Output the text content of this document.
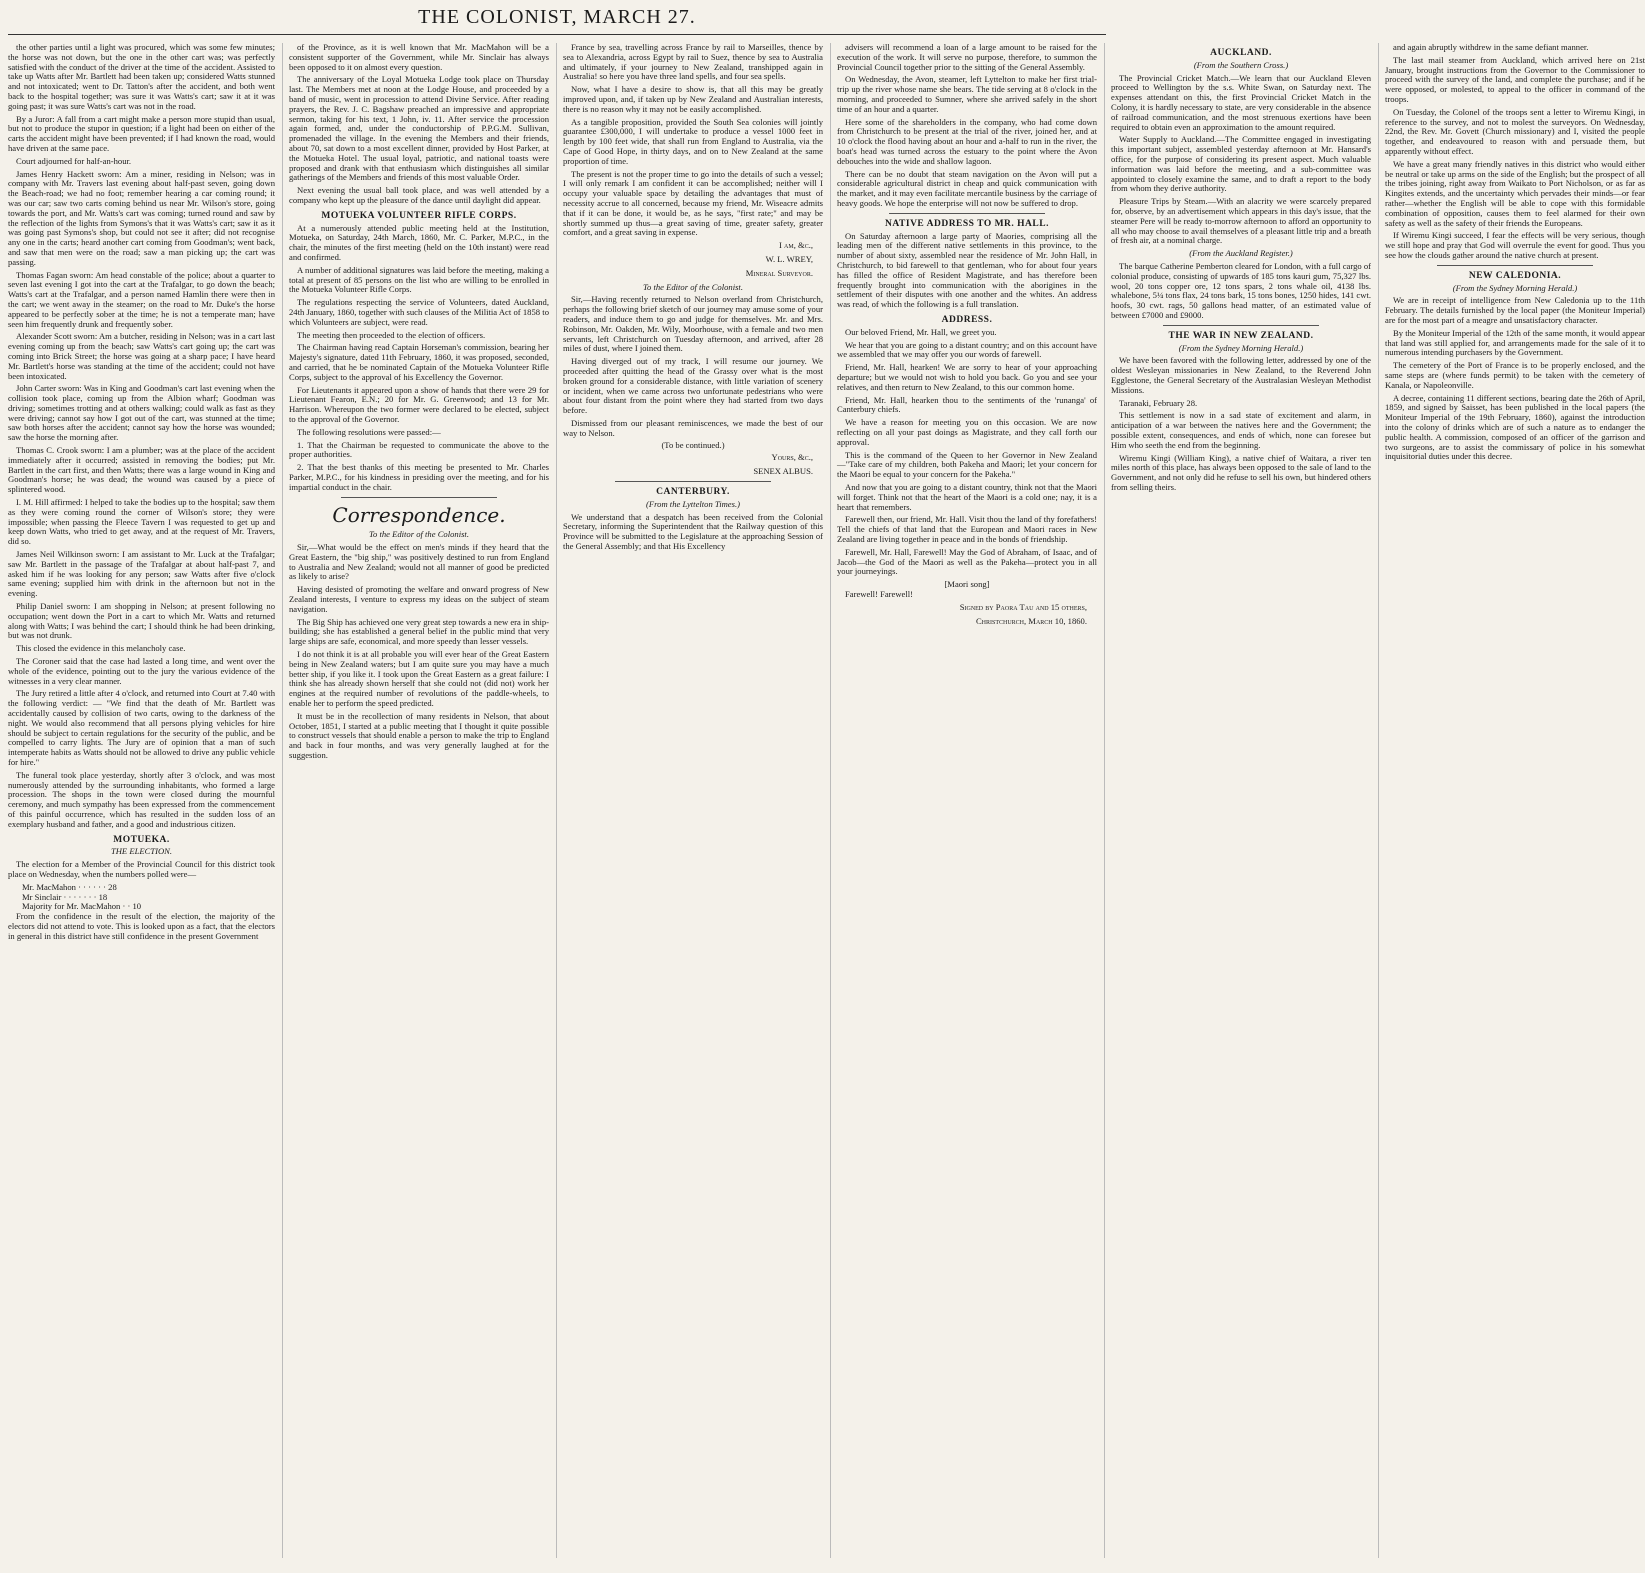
THE COLONIST, MARCH 27.

the other parties until a light was procured, which was some few minutes; the horse was not down, but the one in the other cart was; was perfectly satisfied with the conduct of the driver at the time of the accident. Assisted to take up Watts after Mr. Bartlett had been taken up; considered Watts stunned and not intoxicated; went to Dr. Tatton's after the accident, and both went back to the hospital together; was sure it was Watts's cart; saw it at it was going past; it was sure Watts's cart was not in the road.

By a Juror: A fall from a cart might make a person more stupid than usual, but not to produce the stupor in question; if a light had been on either of the carts the accident might have been prevented; if I had known the road, would have driven at the same pace.

Court adjourned for half-an-hour.

James Henry Hackett sworn: Am a miner, residing in Nelson; was in company with Mr. Travers last evening about half-past seven, going down the Beach-road; we had no foot; remember hearing a car coming round; it was our car; saw two carts coming behind us near Mr. Wilson's store, going towards the port, and Mr. Watts's cart was coming; turned round and saw by the reflection of the lights from Symons's that it was Watts's cart; saw it as it was going past Symons's shop, but could not see it after; did not recognise any one in the carts; heard another cart coming from Goodman's; went back, and saw that men were on the road; saw a man picking up; the cart was passing.

Thomas Fagan sworn: Am head constable of the police; about a quarter to seven last evening I got into the cart at the Trafalgar, to go down the beach; Watts's cart at the Trafalgar, and a person named Hamlin there were then in the cart; we went away in the steamer; on the road to Mr. Duke's the horse appeared to be perfectly sober at the time; he is not a temperate man; have seen him frequently drunk and frequently sober.

Alexander Scott sworn: Am a butcher, residing in Nelson; was in a cart last evening coming up from the beach; saw Watts's cart going up; the cart was coming into Brick Street; the horse was going at a sharp pace; I have heard Mr. Bartlett's horse was standing at the time of the accident; could not have been intoxicated.

John Carter sworn: Was in King and Goodman's cart last evening when the collision took place, coming up from the Albion wharf; Goodman was driving; sometimes trotting and at others walking; could walk as fast as they were driving; cannot say how I got out of the cart, was stunned at the time; saw both horses after the accident; cannot say how the horse was wounded; saw the horse the morning after.

Thomas C. Crook sworn: I am a plumber; was at the place of the accident immediately after it occurred; assisted in removing the bodies; put Mr. Bartlett in the cart first, and then Watts; there was a large wound in King and Goodman's horse; he was dead; the wound was caused by a piece of splintered wood.

I. M. Hill affirmed: I helped to take the bodies up to the hospital; saw them as they were coming round the corner of Wilson's store; they were impossible; when passing the Fleece Tavern I was requested to get up and keep down Watts, who tried to get away, and at the request of Mr. Travers, did so.

James Neil Wilkinson sworn: I am assistant to Mr. Luck at the Trafalgar; saw Mr. Bartlett in the passage of the Trafalgar at about half-past 7, and asked him if he was looking for any person; saw Watts after five o'clock same evening; supplied him with drink in the afternoon but not in the evening.

Philip Daniel sworn: I am shopping in Nelson; at present following no occupation; went down the Port in a cart to which Mr. Watts and returned along with Watts; I was behind the cart; I should think he had been drinking, but was not drunk.

This closed the evidence in this melancholy case.

The Coroner said that the case had lasted a long time, and went over the whole of the evidence, pointing out to the jury the various evidence of the witnesses in a very clear manner.

The Jury retired a little after 4 o'clock, and returned into Court at 7.40 with the following verdict: — "We find that the death of Mr. Bartlett was accidentally caused by collision of two carts, owing to the darkness of the night. We would also recommend that all persons plying vehicles for hire should be subject to certain regulations for the security of the public, and be compelled to carry lights. The Jury are of opinion that a man of such intemperate habits as Watts should not be allowed to drive any public vehicle for hire."

The funeral took place yesterday, shortly after 3 o'clock, and was most numerously attended by the surrounding inhabitants, who formed a large procession. The shops in the town were closed during the mournful ceremony, and much sympathy has been expressed from the commencement of this painful occurrence, which has resulted in the sudden loss of an exemplary husband and father, and a good and industrious citizen.

MOTUEKA.
THE ELECTION.

The election for a Member of the Provincial Council for this district took place on Wednesday, when the numbers polled were—

Mr. MacMahon · · · · · · 28
Mr Sinclair · · · · · · · 18
Majority for Mr. MacMahon · · 10

From the confidence in the result of the election, the majority of the electors did not attend to vote. This is looked upon as a fact, that the electors in general in this district have still confidence in the present Government

of the Province, as it is well known that Mr. MacMahon will be a consistent supporter of the Government, while Mr. Sinclair has always been opposed to it on almost every question.

The anniversary of the Loyal Motueka Lodge took place on Thursday last. The Members met at noon at the Lodge House, and proceeded by a band of music, went in procession to attend Divine Service. After reading prayers, the Rev. J. C. Bagshaw preached an impressive and appropriate sermon, taking for his text, 1 John, iv. 11. After service the procession again formed, and, under the conductorship of P.P.G.M. Sullivan, promenaded the village. In the evening the Members and their friends, about 70, sat down to a most excellent dinner, provided by Host Parker, at the Motueka Hotel. The usual loyal, patriotic, and national toasts were proposed and drank with that enthusiasm which distinguishes all similar gatherings of the Members and friends of this most valuable Order.

Next evening the usual ball took place, and was well attended by a company who kept up the pleasure of the dance until daylight did appear.

MOTUEKA VOLUNTEER RIFLE CORPS.

At a numerously attended public meeting held at the Institution, Motueka, on Saturday, 24th March, 1860, Mr. C. Parker, M.P.C., in the chair, the minutes of the first meeting (held on the 10th instant) were read and confirmed.

A number of additional signatures was laid before the meeting, making a total at present of 85 persons on the list who are willing to be enrolled in the Motueka Volunteer Rifle Corps.

The regulations respecting the service of Volunteers, dated Auckland, 24th January, 1860, together with such clauses of the Militia Act of 1858 to which Volunteers are subject, were read.

The meeting then proceeded to the election of officers.

The Chairman having read Captain Horseman's commission, bearing her Majesty's signature, dated 11th February, 1860, it was proposed, seconded, and carried, that he be nominated Captain of the Motueka Volunteer Rifle Corps, subject to the approval of his Excellency the Governor.

For Lieutenants it appeared upon a show of hands that there were 29 for Lieutenant Fearon, E.N.; 20 for Mr. G. Greenwood; and 13 for Mr. Harrison. Whereupon the two former were declared to be elected, subject to the approval of the Governor.

The following resolutions were passed:—

1. That the Chairman be requested to communicate the above to the proper authorities.

2. That the best thanks of this meeting be presented to Mr. Charles Parker, M.P.C., for his kindness in presiding over the meeting, and for his impartial conduct in the chair.

Correspondence.
To the Editor of the Colonist.

Sir,—What would be the effect on men's minds if they heard that the Great Eastern, the "big ship," was positively destined to run from England to Australia and New Zealand; would not all manner of good be predicted as likely to arise?

Having desisted of promoting the welfare and onward progress of New Zealand interests, I venture to express my ideas on the subject of steam navigation.

The Big Ship has achieved one very great step towards a new era in ship-building; she has established a general belief in the public mind that very large ships are safe, economical, and more speedy than lesser vessels.

I do not think it is at all probable you will ever hear of the Great Eastern being in New Zealand waters; but I am quite sure you may have a much better ship, if you like it. I took upon the Great Eastern as a great failure: I think she has already shown herself that she could not (did not) work her engines at the required number of revolutions of the paddle-wheels, to enable her to perform the speed predicted.

It must be in the recollection of many residents in Nelson, that about October, 1851, I started at a public meeting that I thought it quite possible to construct vessels that should enable a person to make the trip to England and back in four months, and was very generally laughed at for the suggestion.

France by sea, travelling across France by rail to Marseilles, thence by sea to Alexandria, across Egypt by rail to Suez, thence by sea to Australia and ultimately, if your journey to New Zealand, transhipped again in Australia! so here you have three land spells, and four sea spells.

Now, what I have a desire to show is, that all this may be greatly improved upon, and, if taken up by New Zealand and Australian interests, there is no reason why it may not be easily accomplished.

As a tangible proposition, provided the South Sea colonies will jointly guarantee £300,000, I will undertake to produce a vessel 1000 feet in length by 100 feet wide, that shall run from England to Australia, via the Cape of Good Hope, in thirty days, and on to New Zealand at the same proportion of time.

The present is not the proper time to go into the details of such a vessel; I will only remark I am confident it can be accomplished; neither will I occupy your valuable space by detailing the advantages that must of necessity accrue to all concerned, because my friend, Mr. Wiseacre admits that if it can be done, it would be, as he says, "first rate;" and may be shortly summed up thus—a great saving of time, greater safety, greater comfort, and a great saving in expense.

I am, &c.,
W. L. WREY,
Mineral Surveyor.
To the Editor of the Colonist.

Sir,—Having recently returned to Nelson overland from Christchurch, perhaps the following brief sketch of our journey may amuse some of your readers, and induce them to go and judge for themselves. Mr. and Mrs. Robinson, Mr. Oakden, Mr. Wily, Moorhouse, with a female and two men servants, left Christchurch on Tuesday afternoon, and arrived, after 28 miles of dust, where I joined them.

Having diverged out of my track, I will resume our journey. We proceeded after quitting the head of the Grassy over what is the most broken ground for a considerable distance, with little variation of scenery or incident, when we came across two unfortunate pedestrians who were about four distant from the point where they had started from two days before.

Dismissed from our pleasant reminiscences, we made the best of our way to Nelson.

(To be continued.)
Yours, &c.,
SENEX ALBUS.
CANTERBURY.
(From the Lyttelton Times.)

We understand that a despatch has been received from the Colonial Secretary, informing the Superintendent that the Railway question of this Province will be submitted to the Legislature at the approaching Session of the General Assembly; and that His Excellency

advisers will recommend a loan of a large amount to be raised for the execution of the work. It will serve no purpose, therefore, to summon the Provincial Council together prior to the sitting of the General Assembly.

On Wednesday, the Avon, steamer, left Lyttelton to make her first trial-trip up the river whose name she bears. The tide serving at 8 o'clock in the morning, and proceeded to Sumner, where she arrived safely in the short time of an hour and a quarter.

Here some of the shareholders in the company, who had come down from Christchurch to be present at the trial of the river, joined her, and at 10 o'clock the flood having about an hour and a-half to run in the river, the boat's head was turned across the estuary to the point where the Avon debouches into the wide and shallow lagoon.

There can be no doubt that steam navigation on the Avon will put a considerable agricultural district in cheap and quick communication with the market, and it may even facilitate mercantile business by the carriage of heavy goods. We hope the enterprise will not now be suffered to drop.

NATIVE ADDRESS TO MR. HALL.

On Saturday afternoon a large party of Maories, comprising all the leading men of the different native settlements in this province, to the number of about sixty, assembled near the residence of Mr. John Hall, in Christchurch, to bid farewell to that gentleman, who for about four years has filled the office of Resident Magistrate, and has therefore been frequently brought into communication with the aborigines in the settlement of their disputes with one another and the whites. An address was read, of which the following is a full translation.

ADDRESS.

Our beloved Friend, Mr. Hall, we greet you.

We hear that you are going to a distant country; and on this account have we assembled that we may offer you our words of farewell.

Friend, Mr. Hall, hearken! We are sorry to hear of your approaching departure; but we would not wish to hold you back. Go you and see your relatives, and then return to New Zealand, to this our common home.

Friend, Mr. Hall, hearken thou to the sentiments of the 'runanga' of Canterbury chiefs.

We have a reason for meeting you on this occasion. We are now reflecting on all your past doings as Magistrate, and they call forth our approval.

This is the command of the Queen to her Governor in New Zealand—"Take care of my children, both Pakeha and Maori; let your concern for the Maori be equal to your concern for the Pakeha."

And now that you are going to a distant country, think not that the Maori will forget. Think not that the heart of the Maori is a cold one; nay, it is a heart that remembers.

Farewell then, our friend, Mr. Hall. Visit thou the land of thy forefathers! Tell the chiefs of that land that the European and Maori races in New Zealand are living together in peace and in the bonds of friendship.

Farewell, Mr. Hall, Farewell! May the God of Abraham, of Isaac, and of Jacob—the God of the Maori as well as the Pakeha—protect you in all your journeyings.

[Maori song]

Farewell! Farewell!

Signed by Paora Tau and 15 others,
Christchurch, March 10, 1860.
AUCKLAND.
(From the Southern Cross.)

The Provincial Cricket Match.—We learn that our Auckland Eleven proceed to Wellington by the s.s. White Swan, on Saturday next. The expenses attendant on this, the first Provincial Cricket Match in the Colony, it is hardly necessary to state, are very considerable in the absence of railroad communication, and the most strenuous exertions have been required to obtain even an approximation to the amount required.

Water Supply to Auckland.—The Committee engaged in investigating this important subject, assembled yesterday afternoon at Mr. Hansard's office, for the purpose of considering its present aspect. Much valuable information was laid before the meeting, and a sub-committee was appointed to closely examine the same, and to draft a report to the body from whom they derive authority.

Pleasure Trips by Steam.—With an alacrity we were scarcely prepared for, observe, by an advertisement which appears in this day's issue, that the steamer Pere will be ready to-morrow afternoon to afford an opportunity to all who may choose to avail themselves of a pleasant little trip and a breath of fresh air, at a nominal charge.

(From the Auckland Register.)

The barque Catherine Pemberton cleared for London, with a full cargo of colonial produce, consisting of upwards of 185 tons kauri gum, 75,327 lbs. wool, 20 tons copper ore, 12 tons spars, 2 tons whale oil, 4138 lbs. whalebone, 5¼ tons flax, 24 tons bark, 15 tons bones, 1250 hides, 141 cwt. hoofs, 30 cwt. rags, 50 gallons head matter, of an estimated value of between £7000 and £9000.

THE WAR IN NEW ZEALAND.
(From the Sydney Morning Herald.)

We have been favored with the following letter, addressed by one of the oldest Wesleyan missionaries in New Zealand, to the Reverend John Egglestone, the General Secretary of the Australasian Wesleyan Methodist Missions.

Taranaki, February 28.

This settlement is now in a sad state of excitement and alarm, in anticipation of a war between the natives here and the Government; the possible extent, consequences, and ends of which, none can foresee but Him who seeth the end from the beginning.

Wiremu Kingi (William King), a native chief of Waitara, a river ten miles north of this place, has always been opposed to the sale of land to the Government, and not only did he refuse to sell his own, but hindered others from selling theirs.

and again abruptly withdrew in the same defiant manner.

The last mail steamer from Auckland, which arrived here on 21st January, brought instructions from the Governor to the Commissioner to proceed with the survey of the land, and complete the purchase; and if he were opposed, or molested, to appeal to the officer in command of the troops.

On Tuesday, the Colonel of the troops sent a letter to Wiremu Kingi, in reference to the survey, and not to molest the surveyors. On Wednesday, 22nd, the Rev. Mr. Govett (Church missionary) and I, visited the people together, and endeavoured to reason with and persuade them, but apparently without effect.

We have a great many friendly natives in this district who would either be neutral or take up arms on the side of the English; but the prospect of all the tribes joining, right away from Waikato to Port Nicholson, or as far as Kingites extends, and the uncertainty which pervades their minds—or fear rather—whether the English will be able to cope with this formidable combination of opposition, causes them to feel alarmed for their own safety as well as the safety of their friends the Europeans.

If Wiremu Kingi succeed, I fear the effects will be very serious, though we still hope and pray that God will overrule the event for good. Thus you see how the clouds gather around the native church at present.

NEW CALEDONIA.
(From the Sydney Morning Herald.)

We are in receipt of intelligence from New Caledonia up to the 11th February. The details furnished by the local paper (the Moniteur Imperial) are for the most part of a meagre and unsatisfactory character.

By the Moniteur Imperial of the 12th of the same month, it would appear that land was still applied for, and arrangements made for the sale of it to numerous intending purchasers by the Government.

The cemetery of the Port of France is to be properly enclosed, and the same steps are (where funds permit) to be taken with the cemetery of Kanala, or Napoleonville.

A decree, containing 11 different sections, bearing date the 26th of April, 1859, and signed by Saisset, has been published in the local papers (the Moniteur Imperial of the 19th February, 1860), against the introduction into the colony of drinks which are of such a nature as to endanger the public health. A commission, composed of an officer of the garrison and two surgeons, are to assist the commissary of police in his somewhat inquisitorial duties under this decree.
